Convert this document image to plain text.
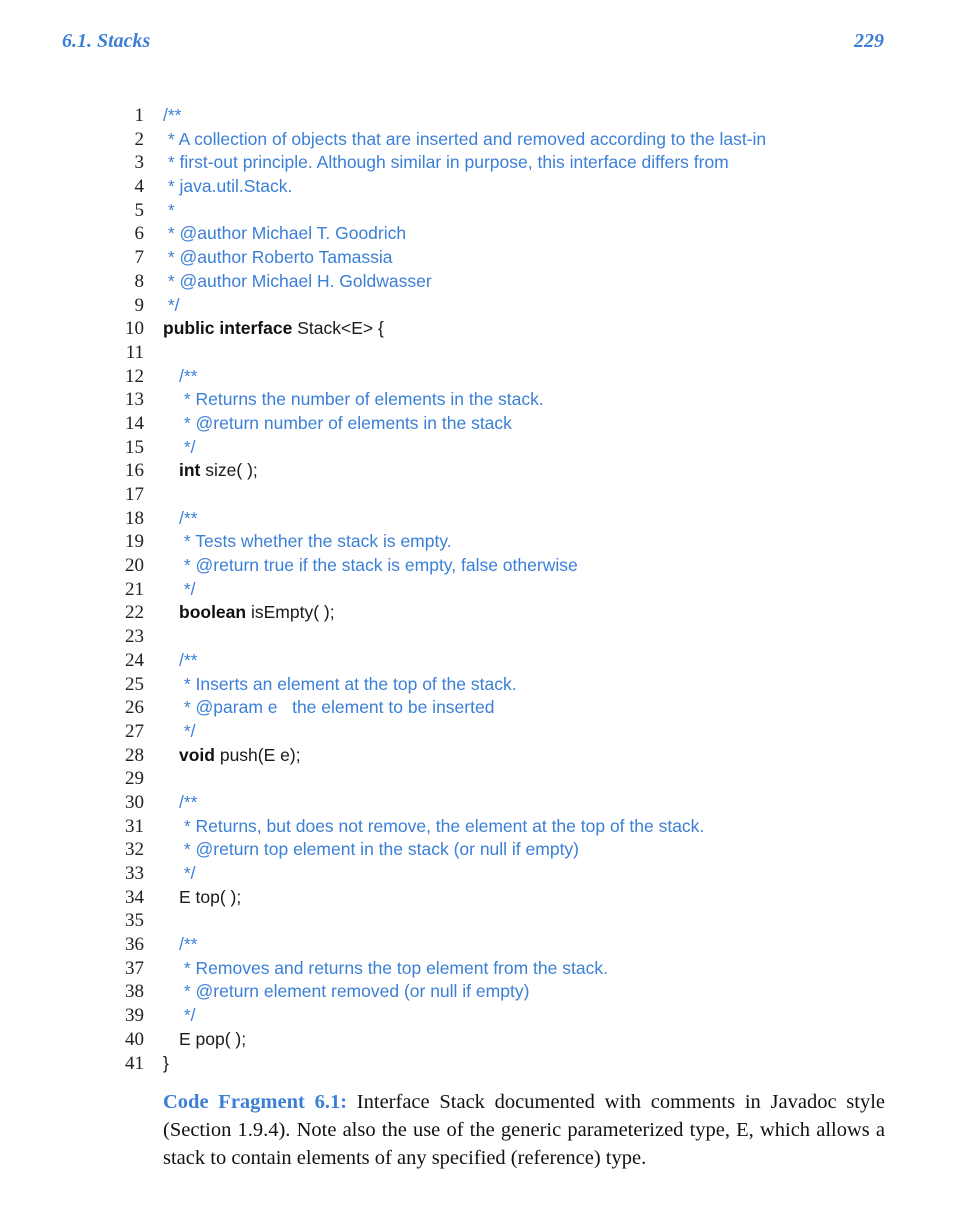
6.1. Stacks	229
1 /**
2 * A collection of objects that are inserted and removed according to the last-in
3 * first-out principle. Although similar in purpose, this interface differs from
4 * java.util.Stack.
5 *
6 * @author Michael T. Goodrich
7 * @author Roberto Tamassia
8 * @author Michael H. Goldwasser
9 */
10 public interface Stack<E> {
11
12 /**
13 * Returns the number of elements in the stack.
14 * @return number of elements in the stack
15 */
16 int size( );
17
18 /**
19 * Tests whether the stack is empty.
20 * @return true if the stack is empty, false otherwise
21 */
22 boolean isEmpty( );
23
24 /**
25 * Inserts an element at the top of the stack.
26 * @param e   the element to be inserted
27 */
28 void push(E e);
29
30 /**
31 * Returns, but does not remove, the element at the top of the stack.
32 * @return top element in the stack (or null if empty)
33 */
34 E top( );
35
36 /**
37 * Removes and returns the top element from the stack.
38 * @return element removed (or null if empty)
39 */
40 E pop( );
41 }
Code Fragment 6.1: Interface Stack documented with comments in Javadoc style (Section 1.9.4). Note also the use of the generic parameterized type, E, which allows a stack to contain elements of any specified (reference) type.
